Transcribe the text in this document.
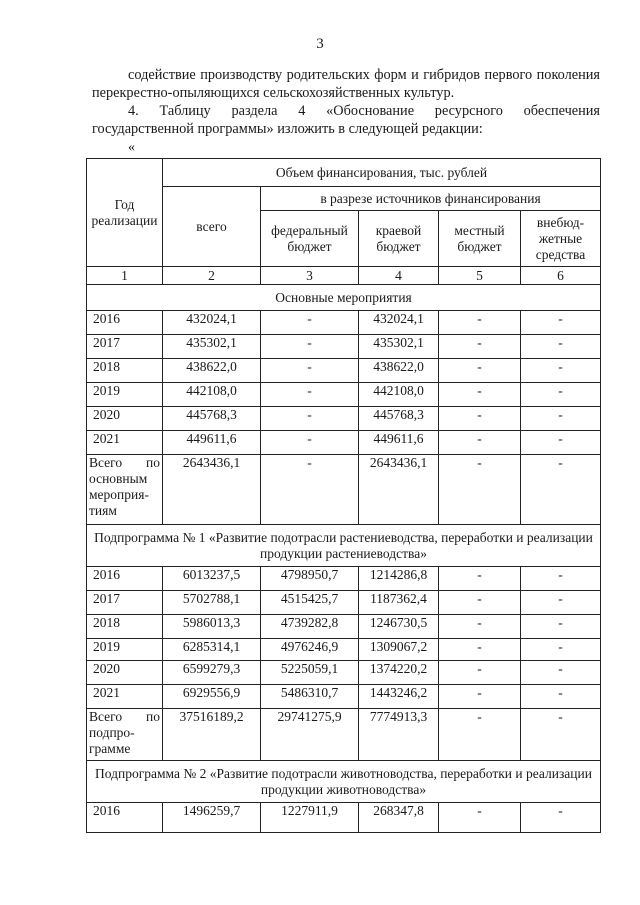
3
содействие производству родительских форм и гибридов первого поколения перекрестно-опыляющихся сельскохозяйственных культур.
4. Таблицу раздела 4 «Обоснование ресурсного обеспечения государственной программы» изложить в следующей редакции:
«
Год реализации	Объем финансирования, тыс. рублей				
	всего	в разрезе источников финансирования			
		федеральный бюджет	краевой бюджет	местный бюджет	внебюд-жетные средства
1	2	3	4	5	6
Основные мероприятия					
2016	432024,1	-	432024,1	-	-
2017	435302,1	-	435302,1	-	-
2018	438622,0	-	438622,0	-	-
2019	442108,0	-	442108,0	-	-
2020	445768,3	-	445768,3	-	-
2021	449611,6	-	449611,6	-	-
Всего по основным мероприя-тиям	2643436,1	-	2643436,1	-	-
Подпрограмма № 1 «Развитие подотрасли растениеводства, переработки и реализации продукции растениеводства»					
2016	6013237,5	4798950,7	1214286,8	-	-
2017	5702788,1	4515425,7	1187362,4	-	-
2018	5986013,3	4739282,8	1246730,5	-	-
2019	6285314,1	4976246,9	1309067,2	-	-
2020	6599279,3	5225059,1	1374220,2	-	-
2021	6929556,9	5486310,7	1443246,2	-	-
Всего по подпро-грамме	37516189,2	29741275,9	7774913,3	-	-
Подпрограмма № 2 «Развитие подотрасли животноводства, переработки и реализации продукции животноводства»					
2016	1496259,7	1227911,9	268347,8	-	-
